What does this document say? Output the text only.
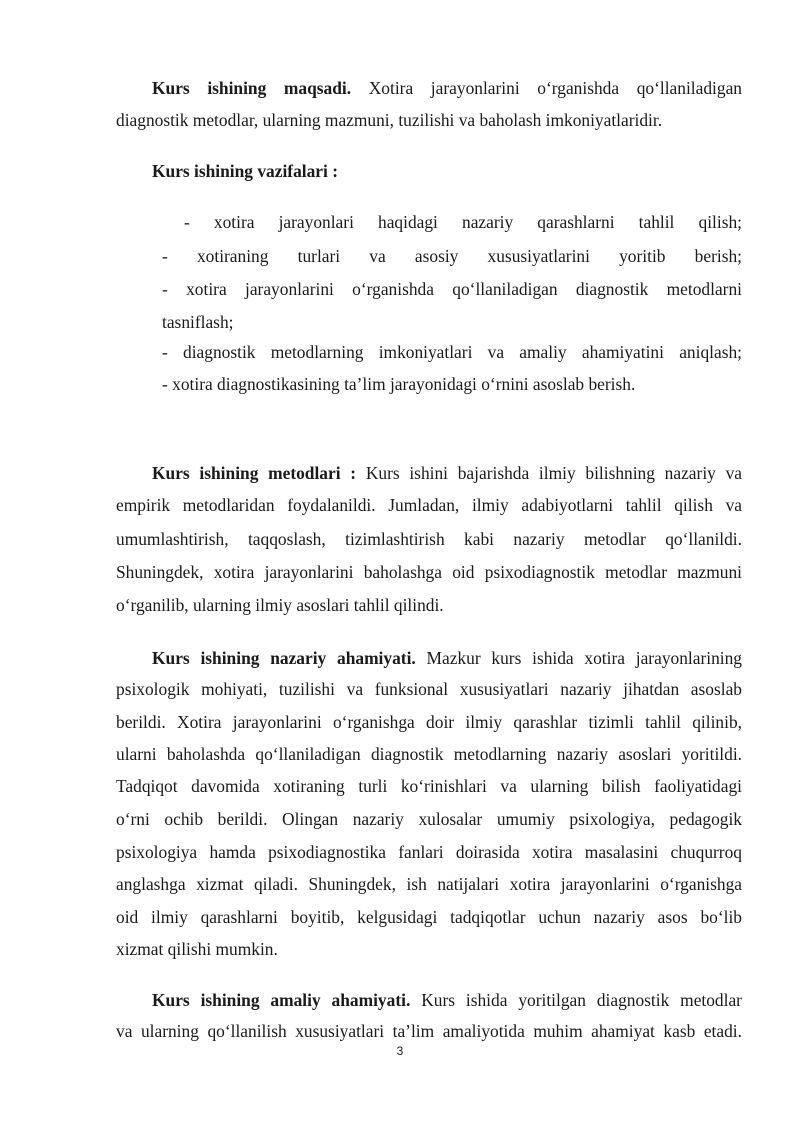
Kurs ishining maqsadi. Xotira jarayonlarini o‘rganishda qo‘llaniladigan
diagnostik metodlar, ularning mazmuni, tuzilishi va baholash imkoniyatlaridir.
Kurs ishining vazifalari :
- xotira jarayonlari haqidagi nazariy qarashlarni tahlil qilish;
- xotiraning turlari va asosiy xususiyatlarini yoritib berish;
- xotira jarayonlarini o‘rganishda qo‘llaniladigan diagnostik metodlarni
tasniflash;
- diagnostik metodlarning imkoniyatlari va amaliy ahamiyatini aniqlash;
- xotira diagnostikasining ta’lim jarayonidagi o‘rnini asoslab berish.
Kurs ishining metodlari : Kurs ishini bajarishda ilmiy bilishning nazariy va
empirik metodlaridan foydalanildi. Jumladan, ilmiy adabiyotlarni tahlil qilish va
umumlashtirish, taqqoslash, tizimlashtirish kabi nazariy metodlar qo‘llanildi.
Shuningdek, xotira jarayonlarini baholashga oid psixodiagnostik metodlar mazmuni
o‘rganilib, ularning ilmiy asoslari tahlil qilindi.
Kurs ishining nazariy ahamiyati. Mazkur kurs ishida xotira jarayonlarining
psixologik mohiyati, tuzilishi va funksional xususiyatlari nazariy jihatdan asoslab
berildi. Xotira jarayonlarini o‘rganishga doir ilmiy qarashlar tizimli tahlil qilinib,
ularni baholashda qo‘llaniladigan diagnostik metodlarning nazariy asoslari yoritildi.
Tadqiqot davomida xotiraning turli ko‘rinishlari va ularning bilish faoliyatidagi
o‘rni ochib berildi. Olingan nazariy xulosalar umumiy psixologiya, pedagogik
psixologiya hamda psixodiagnostika fanlari doirasida xotira masalasini chuqurroq
anglashga xizmat qiladi. Shuningdek, ish natijalari xotira jarayonlarini o‘rganishga
oid ilmiy qarashlarni boyitib, kelgusidagi tadqiqotlar uchun nazariy asos bo‘lib
xizmat qilishi mumkin.
Kurs ishining amaliy ahamiyati. Kurs ishida yoritilgan diagnostik metodlar
va ularning qo‘llanilish xususiyatlari ta’lim amaliyotida muhim ahamiyat kasb etadi.
3
